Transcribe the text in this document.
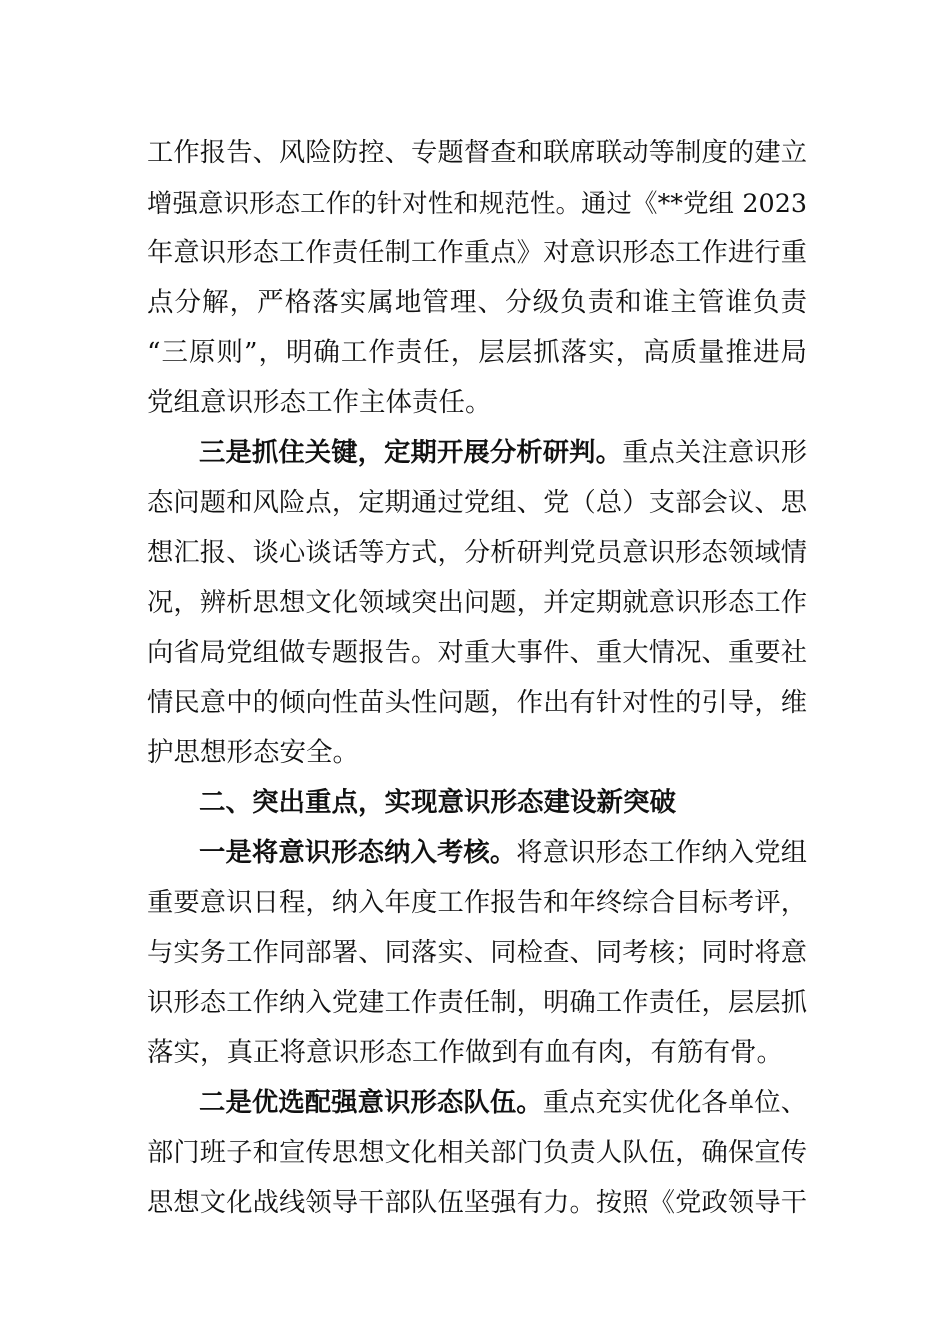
工作报告、风险防控、专题督查和联席联动等制度的建立
增强意识形态工作的针对性和规范性。通过《**党组 2023
年意识形态工作责任制工作重点》对意识形态工作进行重
点分解，严格落实属地管理、分级负责和谁主管谁负责
“三原则”，明确工作责任，层层抓落实，高质量推进局
党组意识形态工作主体责任。
三是抓住关键，定期开展分析研判。重点关注意识形
态问题和风险点，定期通过党组、党（总）支部会议、思
想汇报、谈心谈话等方式，分析研判党员意识形态领域情
况，辨析思想文化领域突出问题，并定期就意识形态工作
向省局党组做专题报告。对重大事件、重大情况、重要社
情民意中的倾向性苗头性问题，作出有针对性的引导，维
护思想形态安全。
二、突出重点，实现意识形态建设新突破
一是将意识形态纳入考核。将意识形态工作纳入党组
重要意识日程，纳入年度工作报告和年终综合目标考评，
与实务工作同部署、同落实、同检查、同考核；同时将意
识形态工作纳入党建工作责任制，明确工作责任，层层抓
落实，真正将意识形态工作做到有血有肉，有筋有骨。
二是优选配强意识形态队伍。重点充实优化各单位、
部门班子和宣传思想文化相关部门负责人队伍，确保宣传
思想文化战线领导干部队伍坚强有力。按照《党政领导干
